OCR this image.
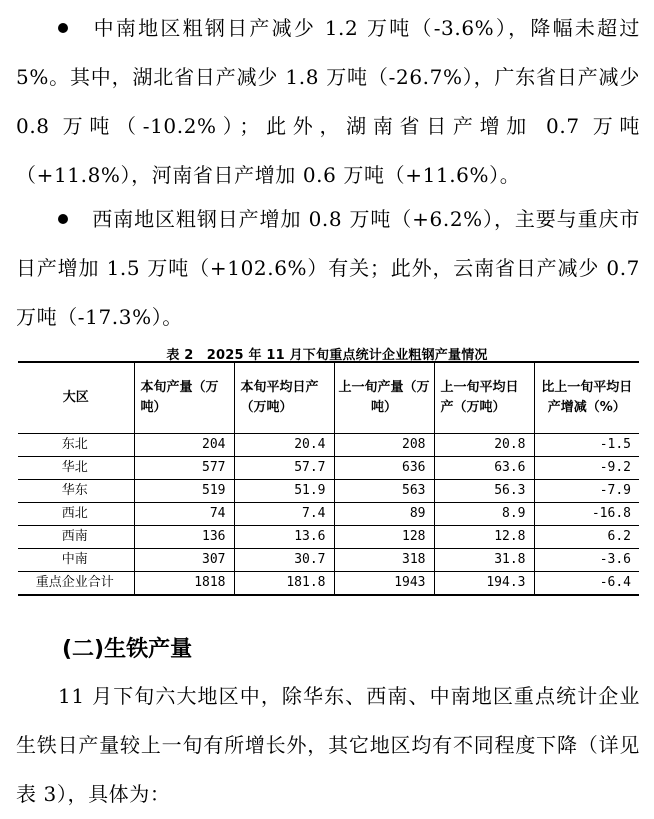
中南地区粗钢日产减少 1.2 万吨（-3.6%），降幅未超过 5%。其中，湖北省日产减少 1.8 万吨（-26.7%），广东省日产减少 0.8 万吨（-10.2%）；此外，湖南省日产增加 0.7 万吨（+11.8%），河南省日产增加 0.6 万吨（+11.6%）。

西南地区粗钢日产增加 0.8 万吨（+6.2%），主要与重庆市日产增加 1.5 万吨（+102.6%）有关；此外，云南省日产减少 0.7 万吨（-17.3%）。

表 2　2025 年 11 月下旬重点统计企业粗钢产量情况
大区	本旬产量（万吨）	本旬平均日产（万吨）	上一旬产量（万吨）	上一旬平均日产（万吨）	比上一旬平均日产增减（%）
东北	204	20.4	208	20.8	-1.5
华北	577	57.7	636	63.6	-9.2
华东	519	51.9	563	56.3	-7.9
西北	74	7.4	89	8.9	-16.8
西南	136	13.6	128	12.8	6.2
中南	307	30.7	318	31.8	-3.6
重点企业合计	1818	181.8	1943	194.3	-6.4
(二)生铁产量

11 月下旬六大地区中，除华东、西南、中南地区重点统计企业生铁日产量较上一旬有所增长外，其它地区均有不同程度下降（详见表 3），具体为：
